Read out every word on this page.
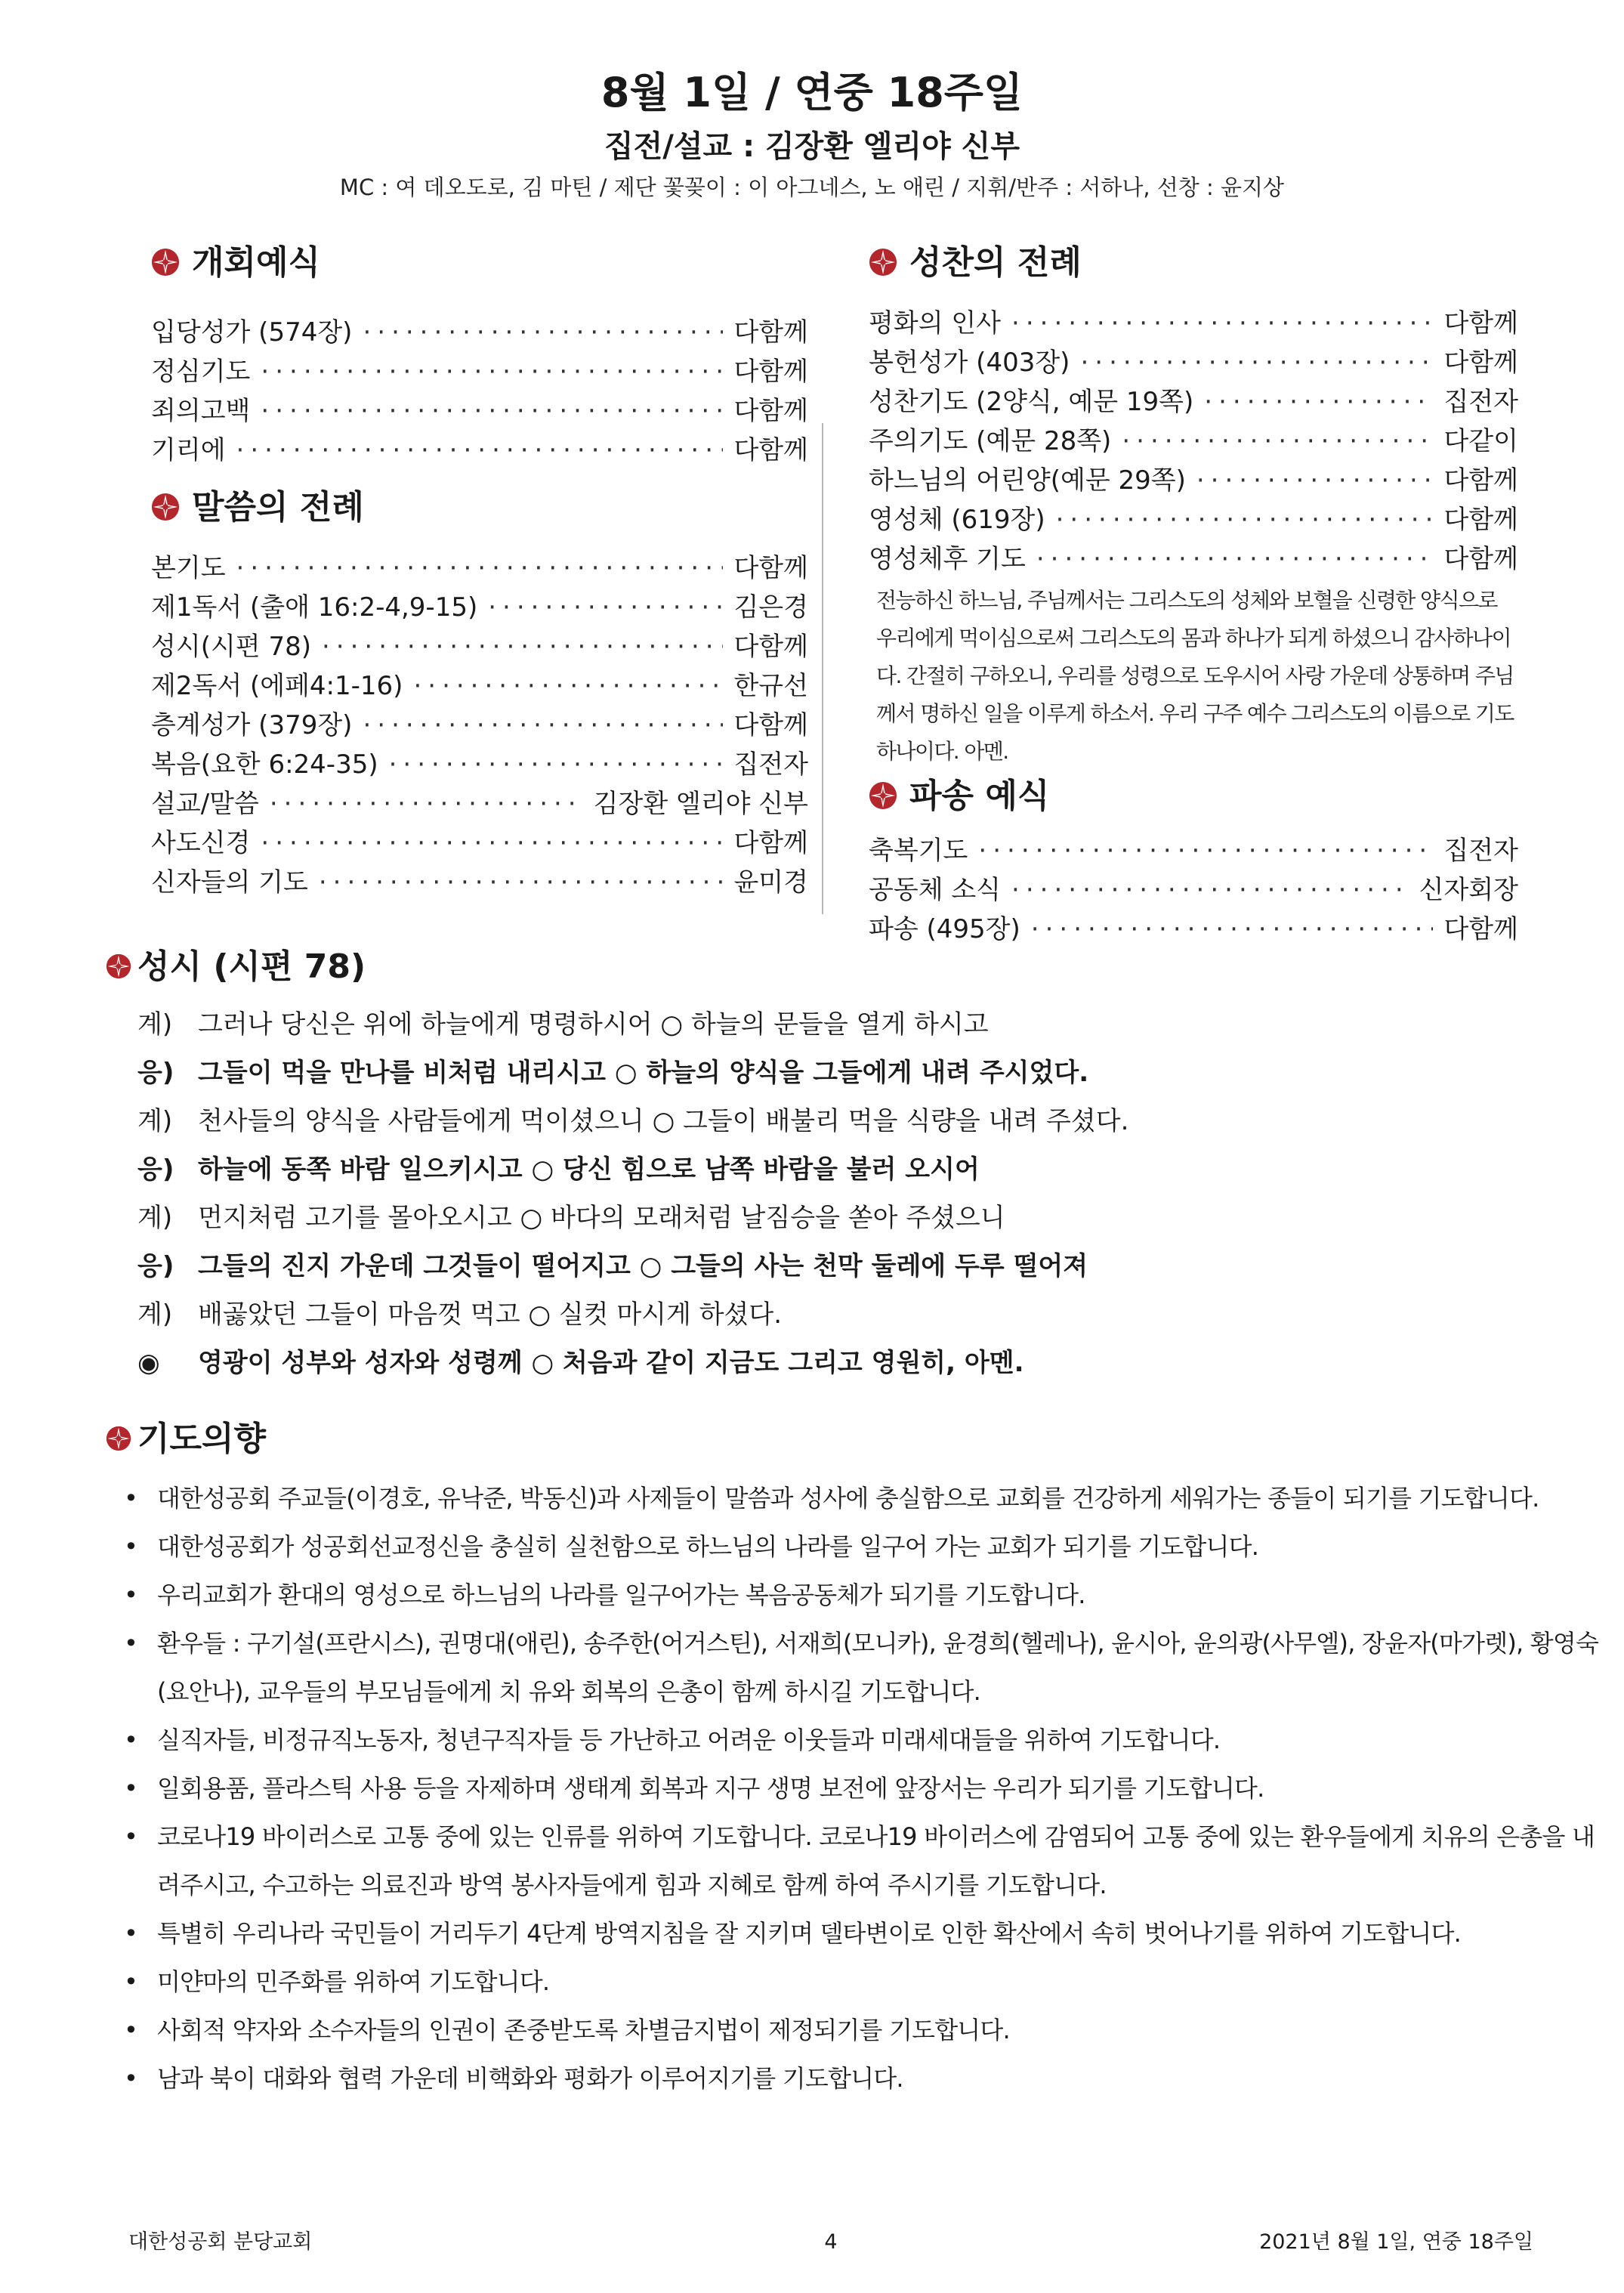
8월 1일 / 연중 18주일
집전/설교 : 김장환 엘리야 신부
MC : 여 데오도로, 김 마틴 / 제단 꽃꽂이 : 이 아그네스, 노 애린 / 지휘/반주 : 서하나, 선창 : 윤지상
개회예식
입당성가 (574장) ·····	다함께
정심기도 ·····	다함께
죄의고백 ·····	다함께
기리에 ·····	다함께
말씀의 전례
본기도 ·····	다함께
제1독서 (출애 16:2-4,9-15) ·····	김은경
성시(시편 78) ·····	다함께
제2독서 (에페4:1-16) ·····	한규선
층계성가 (379장) ·····	다함께
복음(요한 6:24-35) ·····	집전자
설교/말씀 ·····	김장환 엘리야 신부
사도신경 ·····	다함께
신자들의 기도 ·····	윤미경
성찬의 전례
평화의 인사 ·····	다함께
봉헌성가 (403장) ·····	다함께
성찬기도 (2양식, 예문 19쪽) ·····	집전자
주의기도 (예문 28쪽) ·····	다같이
하느님의 어린양(예문 29쪽) ·····	다함께
영성체 (619장) ·····	다함께
영성체후 기도 ·····	다함께
전능하신 하느님, 주님께서는 그리스도의 성체와 보혈을 신령한 양식으로 우리에게 먹이심으로써 그리스도의 몸과 하나가 되게 하셨으니 감사하나이다. 간절히 구하오니, 우리를 성령으로 도우시어 사랑 가운데 상통하며 주님께서 명하신 일을 이루게 하소서. 우리 구주 예수 그리스도의 이름으로 기도하나이다. 아멘.
파송 예식
축복기도 ·····	집전자
공동체 소식 ·····	신자회장
파송 (495장) ·····	다함께
성시 (시편 78)
계) 그러나 당신은 위에 하늘에게 명령하시어 ○ 하늘의 문들을 열게 하시고
응) 그들이 먹을 만나를 비처럼 내리시고 ○ 하늘의 양식을 그들에게 내려 주시었다.
계) 천사들의 양식을 사람들에게 먹이셨으니 ○ 그들이 배불리 먹을 식량을 내려 주셨다.
응) 하늘에 동쪽 바람 일으키시고 ○ 당신 힘으로 남쪽 바람을 불러 오시어
계) 먼지처럼 고기를 몰아오시고 ○ 바다의 모래처럼 날짐승을 쏟아 주셨으니
응) 그들의 진지 가운데 그것들이 떨어지고 ○ 그들의 사는 천막 둘레에 두루 떨어져
계) 배곯았던 그들이 마음껏 먹고 ○ 실컷 마시게 하셨다.
◉ 영광이 성부와 성자와 성령께 ○ 처음과 같이 지금도 그리고 영원히, 아멘.
기도의향
• 대한성공회 주교들(이경호, 유낙준, 박동신)과 사제들이 말씀과 성사에 충실함으로 교회를 건강하게 세워가는 종들이 되기를 기도합니다.
• 대한성공회가 성공회선교정신을 충실히 실천함으로 하느님의 나라를 일구어 가는 교회가 되기를 기도합니다.
• 우리교회가 환대의 영성으로 하느님의 나라를 일구어가는 복음공동체가 되기를 기도합니다.
• 환우들 : 구기설(프란시스), 권명대(애린), 송주한(어거스틴), 서재희(모니카), 윤경희(헬레나), 윤시아, 윤의광(사무엘), 장윤자(마가렛), 황영숙(요안나), 교우들의 부모님들에게 치 유와 회복의 은총이 함께 하시길 기도합니다.
• 실직자들, 비정규직노동자, 청년구직자들 등 가난하고 어려운 이웃들과 미래세대들을 위하여 기도합니다.
• 일회용품, 플라스틱 사용 등을 자제하며 생태계 회복과 지구 생명 보전에 앞장서는 우리가 되기를 기도합니다.
• 코로나19 바이러스로 고통 중에 있는 인류를 위하여 기도합니다. 코로나19 바이러스에 감염되어 고통 중에 있는 환우들에게 치유의 은총을 내려주시고, 수고하는 의료진과 방역 봉사자들에게 힘과 지혜로 함께 하여 주시기를 기도합니다.
• 특별히 우리나라 국민들이 거리두기 4단계 방역지침을 잘 지키며 델타변이로 인한 확산에서 속히 벗어나기를 위하여 기도합니다.
• 미얀마의 민주화를 위하여 기도합니다.
• 사회적 약자와 소수자들의 인권이 존중받도록 차별금지법이 제정되기를 기도합니다.
• 남과 북이 대화와 협력 가운데 비핵화와 평화가 이루어지기를 기도합니다.
대한성공회 분당교회	4	2021년 8월 1일, 연중 18주일
